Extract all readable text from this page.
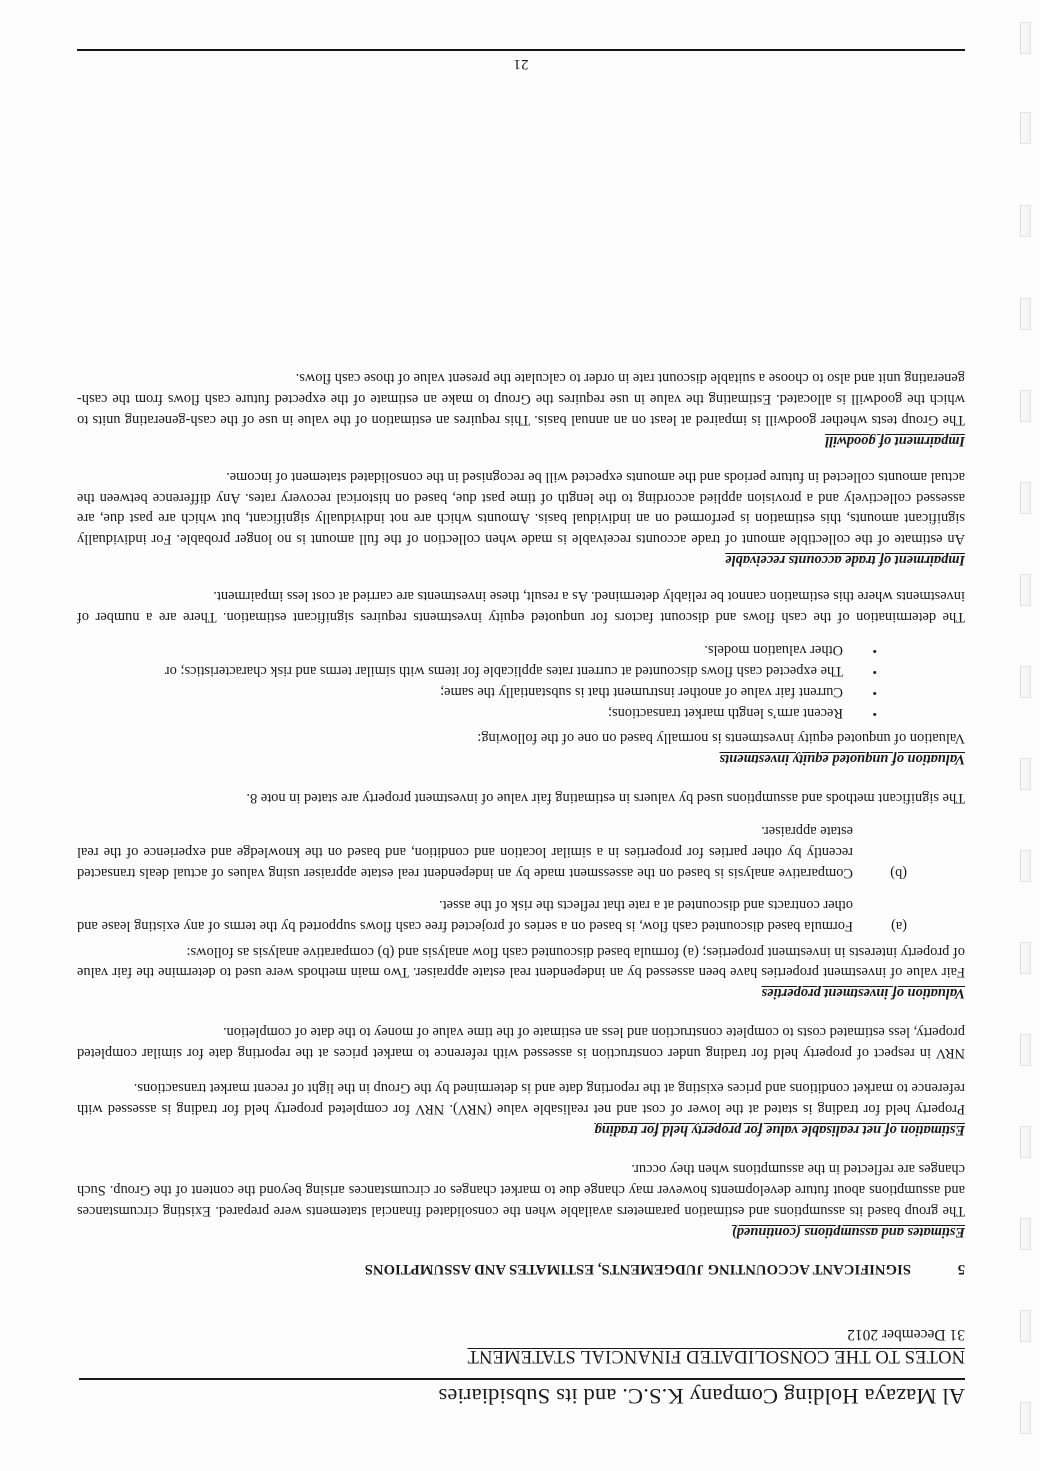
Al Mazaya Holding Company K.S.C. and its Subsidiaries
NOTES TO THE CONSOLIDATED FINANCIAL STATEMENT
31 December 2012
5
SIGNIFICANT ACCOUNTING JUDGEMENTS, ESTIMATES AND ASSUMPTIONS
Estimates and assumptions (continued)

The group based its assumptions and estimation parameters available when the consolidated financial statements were prepared. Existing circumstances and assumptions about future developments however may change due to market changes or circumstances arising beyond the content of the Group. Such changes are reflected in the assumptions when they occur.

Estimation of net realisable value for property held for trading

Property held for trading is stated at the lower of cost and net realisable value (NRV). NRV for completed property held for trading is assessed with reference to market conditions and prices existing at the reporting date and is determined by the Group in the light of recent market transactions.

NRV in respect of property held for trading under construction is assessed with reference to market prices at the reporting date for similar completed property, less estimated costs to complete construction and less an estimate of the time value of money to the date of completion.

Valuation of investment properties

Fair value of investment properties have been assessed by an independent real estate appraiser. Two main methods were used to determine the fair value of property interests in investment properties; (a) formula based discounted cash flow analysis and (b) comparative analysis as follows:

(a)
Formula based discounted cash flow, is based on a series of projected free cash flows supported by the terms of any existing lease and other contracts and discounted at a rate that reflects the risk of the asset.
(b)
Comparative analysis is based on the assessment made by an independent real estate appraiser using values of actual deals transacted recently by other parties for properties in a similar location and condition, and based on the knowledge and experience of the real estate appraiser.

The significant methods and assumptions used by valuers in estimating fair value of investment property are stated in note 8.

Valuation of unquoted equity investments

Valuation of unquoted equity investments is normally based on one of the following:

•
Recent arm’s length market transactions;
•
Current fair value of another instrument that is substantially the same;
•
The expected cash flows discounted at current rates applicable for items with similar terms and risk characteristics; or
•
Other valuation models.

The determination of the cash flows and discount factors for unquoted equity investments requires significant estimation. There are a number of investments where this estimation cannot be reliably determined. As a result, these investments are carried at cost less impairment.

Impairment of trade accounts receivable

An estimate of the collectible amount of trade accounts receivable is made when collection of the full amount is no longer probable. For individually significant amounts, this estimation is performed on an individual basis. Amounts which are not individually significant, but which are past due, are assessed collectively and a provision applied according to the length of time past due, based on historical recovery rates. Any difference between the actual amounts collected in future periods and the amounts expected will be recognised in the consolidated statement of income.

Impairment of goodwill

The Group tests whether goodwill is impaired at least on an annual basis. This requires an estimation of the value in use of the cash-generating units to which the goodwill is allocated. Estimating the value in use requires the Group to make an estimate of the expected future cash flows from the cash-generating unit and also to choose a suitable discount rate in order to calculate the present value of those cash flows.

21
